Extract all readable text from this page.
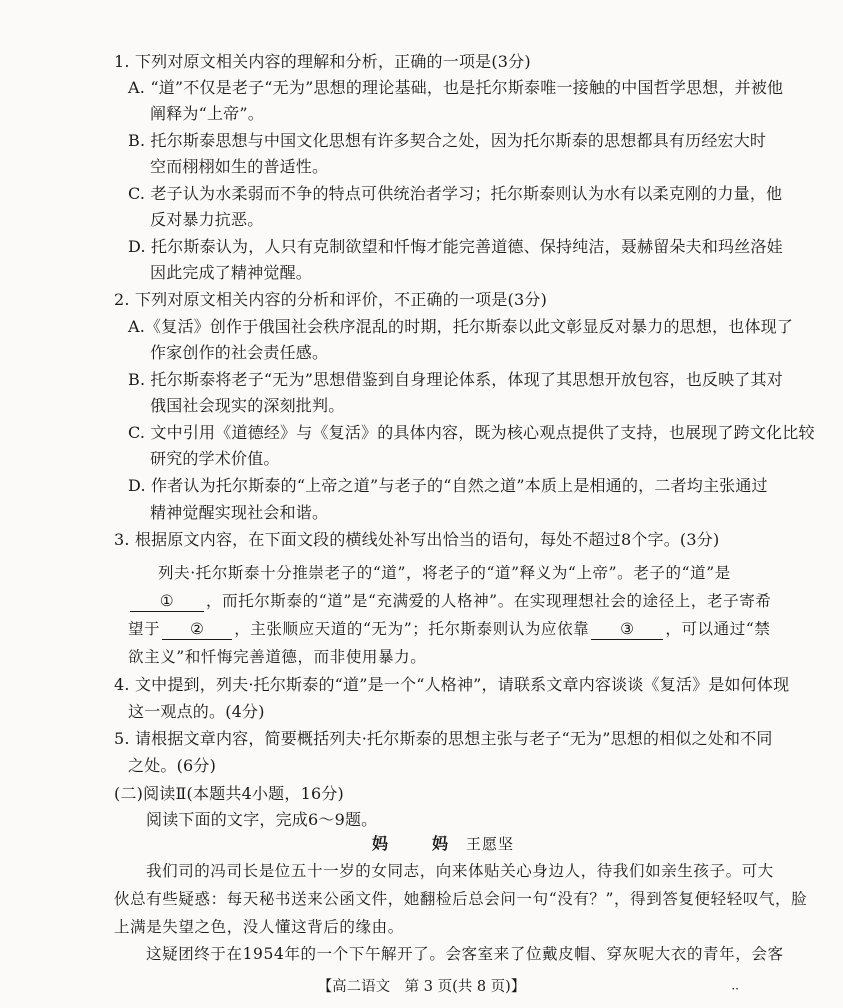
1. 下列对原文相关内容的理解和分析，正确的一项是(3分)
A. “道”不仅是老子“无为”思想的理论基础，也是托尔斯泰唯一接触的中国哲学思想，并被他
阐释为“上帝”。
B. 托尔斯泰思想与中国文化思想有许多契合之处，因为托尔斯泰的思想都具有历经宏大时
空而栩栩如生的普适性。
C. 老子认为水柔弱而不争的特点可供统治者学习；托尔斯泰则认为水有以柔克刚的力量，他
反对暴力抗恶。
D. 托尔斯泰认为，人只有克制欲望和忏悔才能完善道德、保持纯洁，聂赫留朵夫和玛丝洛娃
因此完成了精神觉醒。
2. 下列对原文相关内容的分析和评价，不正确的一项是(3分)
A.《复活》创作于俄国社会秩序混乱的时期，托尔斯泰以此文彰显反对暴力的思想，也体现了
作家创作的社会责任感。
B. 托尔斯泰将老子“无为”思想借鉴到自身理论体系，体现了其思想开放包容，也反映了其对
俄国社会现实的深刻批判。
C. 文中引用《道德经》与《复活》的具体内容，既为核心观点提供了支持，也展现了跨文化比较
研究的学术价值。
D. 作者认为托尔斯泰的“上帝之道”与老子的“自然之道”本质上是相通的，二者均主张通过
精神觉醒实现社会和谐。
3. 根据原文内容，在下面文段的横线处补写出恰当的语句，每处不超过8个字。(3分)
列夫·托尔斯泰十分推崇老子的“道”，将老子的“道”释义为“上帝”。老子的“道”是
① ，而托尔斯泰的“道”是“充满爱的人格神”。在实现理想社会的途径上，老子寄希
望于 ② ，主张顺应天道的“无为”；托尔斯泰则认为应依靠 ③ ，可以通过“禁
欲主义”和忏悔完善道德，而非使用暴力。
4. 文中提到，列夫·托尔斯泰的“道”是一个“人格神”，请联系文章内容谈谈《复活》是如何体现
这一观点的。(4分)
5. 请根据文章内容，简要概括列夫·托尔斯泰的思想主张与老子“无为”思想的相似之处和不同
之处。(6分)
(二)阅读Ⅱ(本题共4小题，16分)
阅读下面的文字，完成6～9题。
妈　妈 王愿坚
我们司的冯司长是位五十一岁的女同志，向来体贴关心身边人，待我们如亲生孩子。可大
伙总有些疑惑：每天秘书送来公函文件，她翻检后总会问一句“没有？”，得到答复便轻轻叹气，脸
上满是失望之色，没人懂这背后的缘由。
这疑团终于在1954年的一个下午解开了。会客室来了位戴皮帽、穿灰呢大衣的青年，会客
【高二语文　第 3 页(共 8 页)】	··
